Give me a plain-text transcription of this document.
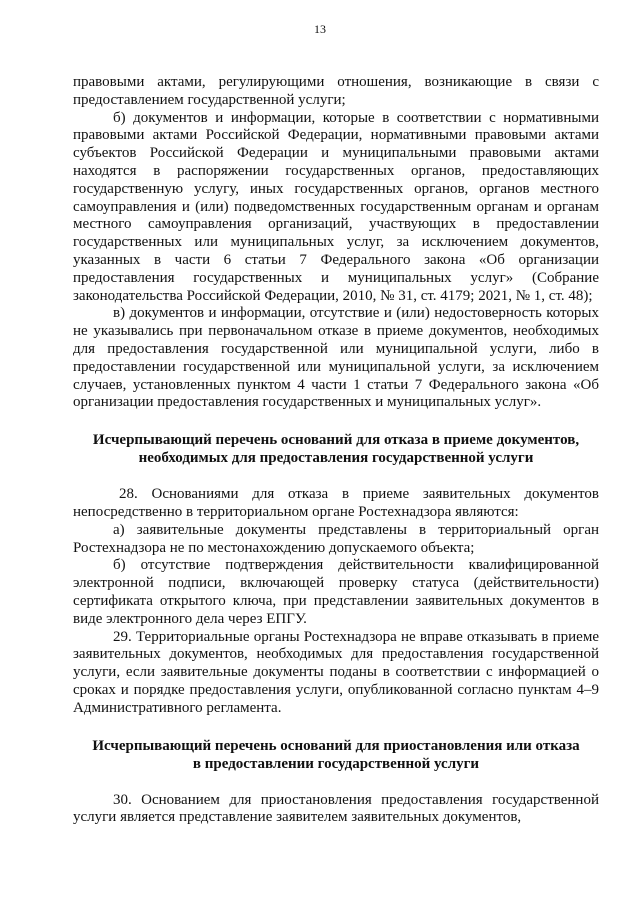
13

правовыми актами, регулирующими отношения, возникающие в связи с предоставлением государственной услуги;

б) документов и информации, которые в соответствии с нормативными правовыми актами Российской Федерации, нормативными правовыми актами субъектов Российской Федерации и муниципальными правовыми актами находятся в распоряжении государственных органов, предоставляющих государственную услугу, иных государственных органов, органов местного самоуправления и (или) подведомственных государственным органам и органам местного самоуправления организаций, участвующих в предоставлении государственных или муниципальных услуг, за исключением документов, указанных в части 6 статьи 7 Федерального закона «Об организации предоставления государственных и муниципальных услуг» (Собрание законодательства Российской Федерации, 2010, № 31, ст. 4179; 2021, № 1, ст. 48);

в) документов и информации, отсутствие и (или) недостоверность которых не указывались при первоначальном отказе в приеме документов, необходимых для предоставления государственной или муниципальной услуги, либо в предоставлении государственной или муниципальной услуги, за исключением случаев, установленных пунктом 4 части 1 статьи 7 Федерального закона «Об организации предоставления государственных и муниципальных услуг».

Исчерпывающий перечень оснований для отказа в приеме документов,
необходимых для предоставления государственной услуги

28. Основаниями для отказа в приеме заявительных документов непосредственно в территориальном органе Ростехнадзора являются:

а) заявительные документы представлены в территориальный орган Ростехнадзора не по местонахождению допускаемого объекта;

б) отсутствие подтверждения действительности квалифицированной электронной подписи, включающей проверку статуса (действительности) сертификата открытого ключа, при представлении заявительных документов в виде электронного дела через ЕПГУ.

29. Территориальные органы Ростехнадзора не вправе отказывать в приеме заявительных документов, необходимых для предоставления государственной услуги, если заявительные документы поданы в соответствии с информацией о сроках и порядке предоставления услуги, опубликованной согласно пунктам 4–9 Административного регламента.

Исчерпывающий перечень оснований для приостановления или отказа
в предоставлении государственной услуги

30. Основанием для приостановления предоставления государственной услуги является представление заявителем заявительных документов,
